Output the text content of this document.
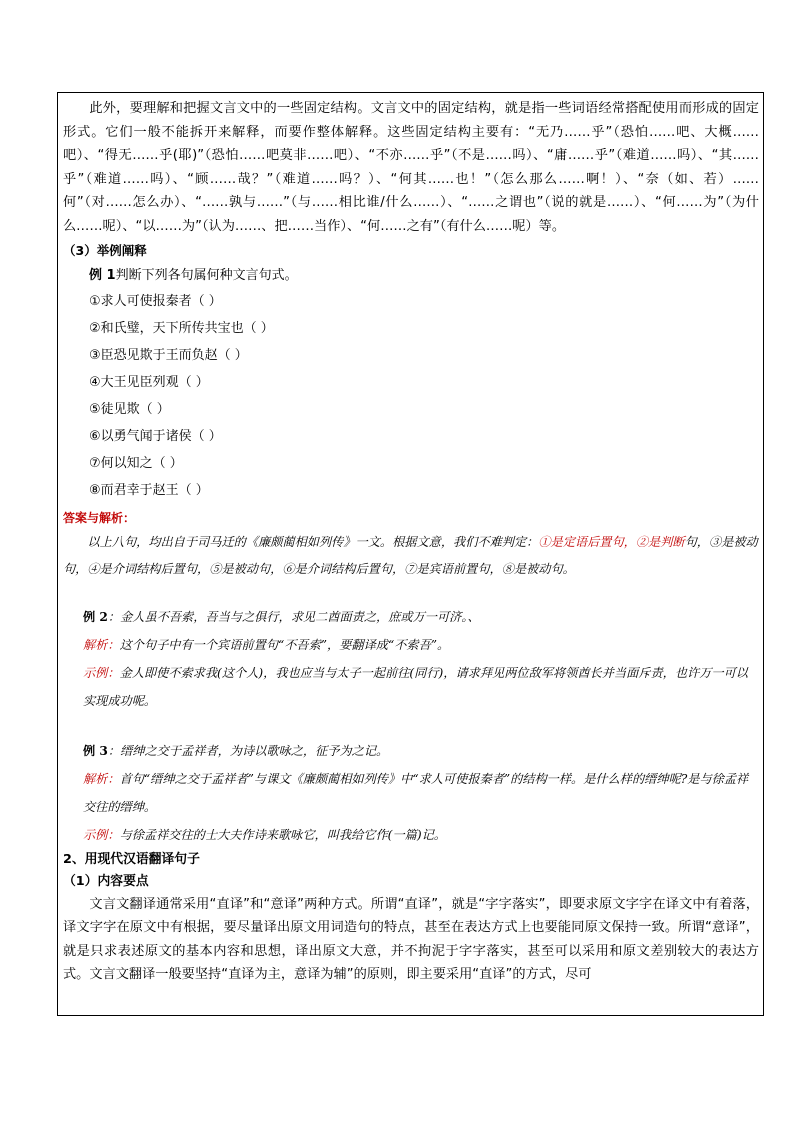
此外，要理解和把握文言文中的一些固定结构。文言文中的固定结构，就是指一些词语经常搭配使用而形成的固定形式。它们一般不能拆开来解释，而要作整体解释。这些固定结构主要有：“无乃……乎”（恐怕……吧、大概……吧）、“得无……乎(耶)”（恐怕……吧莫非……吧）、“不亦……乎”（不是……吗）、“庸……乎”（难道……吗）、“其……乎”（难道……吗）、“顾……哉？”（难道……吗？）、“何其……也！”（怎么那么……啊！）、“奈（如、若）……何”（对……怎么办）、“……孰与……”（与……相比谁/什么……）、“……之谓也”（说的就是……）、“何……为”（为什么……呢）、“以……为”（认为……、把……当作）、“何……之有”（有什么……呢）等。

（3）举例阐释

例 1判断下列各句属何种文言句式。

①求人可使报秦者（ ）

②和氏璧，天下所传共宝也（ ）

③臣恐见欺于王而负赵（ ）

④大王见臣列观（ ）

⑤徒见欺（ ）

⑥以勇气闻于诸侯（ ）

⑦何以知之（ ）

⑧而君幸于赵王（ ）

答案与解析：

以上八句，均出自于司马迁的《廉颇蔺相如列传》一文。根据文意，我们不难判定：①是定语后置句，②是判断句，③是被动句，④是介词结构后置句，⑤是被动句，⑥是介词结构后置句，⑦是宾语前置句，⑧是被动句。

例 2：金人虽不吾索，吾当与之俱行，求见二酋面责之，庶或万一可济。、

解析：这个句子中有一个宾语前置句“不吾索”，要翻译成“不索吾”。

示例：金人即使不索求我(这个人)，我也应当与太子一起前往(同行)，请求拜见两位敌军将领酋长并当面斥责，也许万一可以实现成功呢。

例 3：缙绅之交于孟祥者，为诗以歌咏之，征予为之记。

解析：首句“缙绅之交于孟祥者”与课文《廉颇蔺相如列传》中“求人可使报秦者”的结构一样。是什么样的缙绅呢?是与徐孟祥交往的缙绅。

示例：与徐孟祥交往的士大夫作诗来歌咏它，叫我给它作(一篇)记。

2、用现代汉语翻译句子

（1）内容要点

文言文翻译通常采用“直译”和“意译”两种方式。所谓“直译”，就是“字字落实”，即要求原文字字在译文中有着落，译文字字在原文中有根据，要尽量译出原文用词造句的特点，甚至在表达方式上也要能同原文保持一致。所谓“意译”，就是只求表述原文的基本内容和思想，译出原文大意，并不拘泥于字字落实，甚至可以采用和原文差别较大的表达方式。文言文翻译一般要坚持“直译为主，意译为辅”的原则，即主要采用“直译”的方式，尽可
